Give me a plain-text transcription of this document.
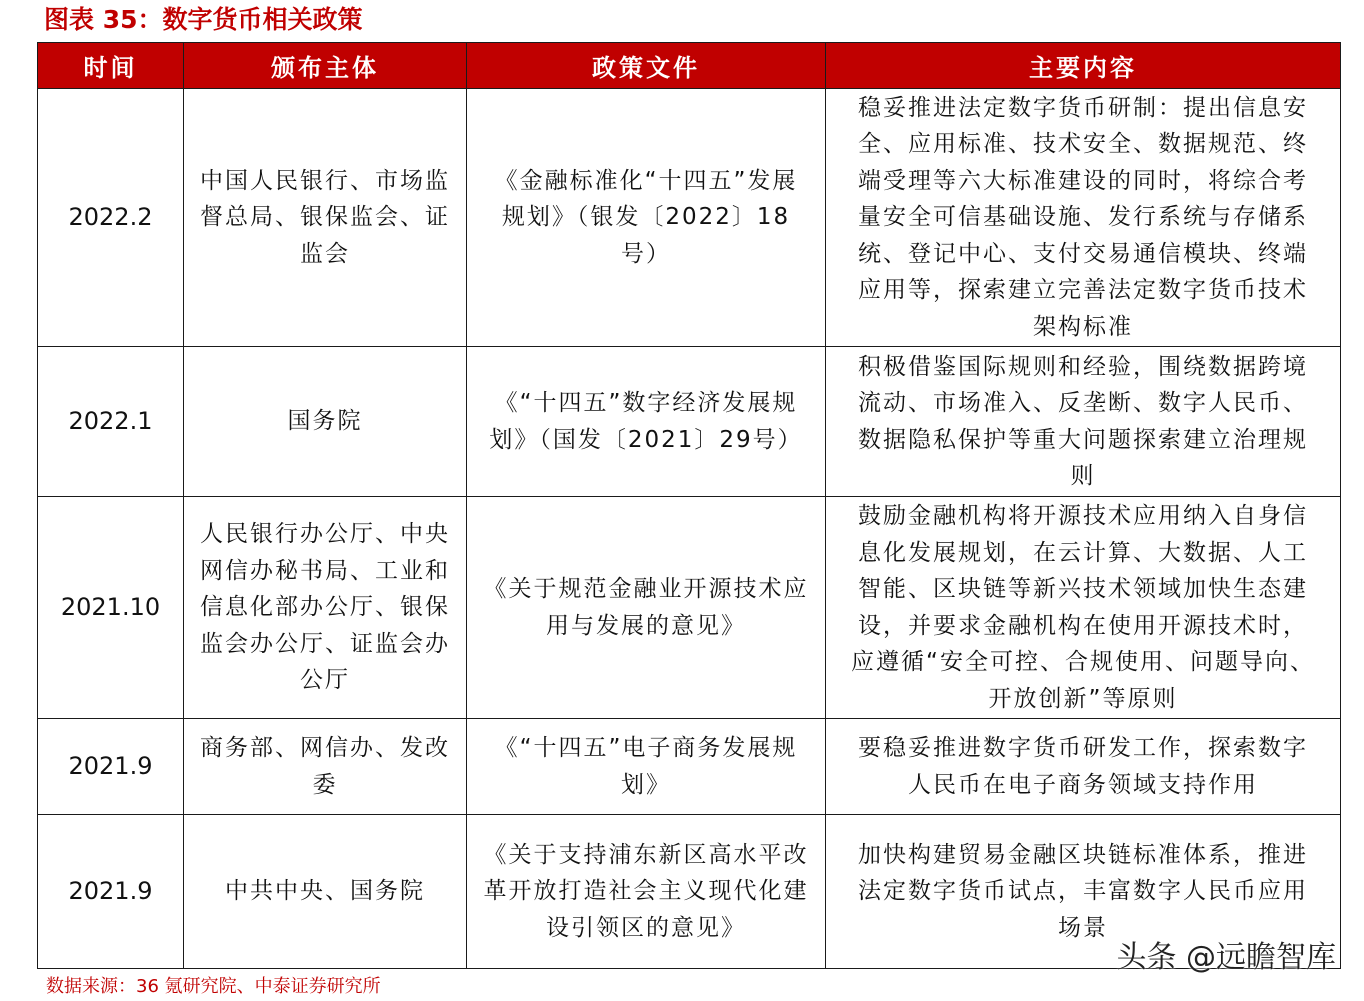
图表 35：数字货币相关政策
时间	颁布主体	政策文件	主要内容
2022.2	中国人民银行、市场监督总局、银保监会、证监会	《金融标准化“十四五”发展规划》（银发〔2022〕18号）	稳妥推进法定数字货币研制：提出信息安全、应用标准、技术安全、数据规范、终端受理等六大标准建设的同时，将综合考量安全可信基础设施、发行系统与存储系统、登记中心、支付交易通信模块、终端应用等，探索建立完善法定数字货币技术架构标准

2022.1	国务院	《“十四五”数字经济发展规划》（国发〔2021〕29号）	积极借鉴国际规则和经验，围绕数据跨境流动、市场准入、反垄断、数字人民币、数据隐私保护等重大问题探索建立治理规则

2021.10	人民银行办公厅、中央网信办秘书局、工业和信息化部办公厅、银保监会办公厅、证监会办公厅	《关于规范金融业开源技术应用与发展的意见》	鼓励金融机构将开源技术应用纳入自身信息化发展规划，在云计算、大数据、人工智能、区块链等新兴技术领域加快生态建设，并要求金融机构在使用开源技术时，应遵循“安全可控、合规使用、问题导向、开放创新”等原则

2021.9	商务部、网信办、发改委	《“十四五”电子商务发展规划》	要稳妥推进数字货币研发工作，探索数字人民币在电子商务领域支持作用

2021.9	中共中央、国务院	《关于支持浦东新区高水平改革开放打造社会主义现代化建设引领区的意见》	加快构建贸易金融区块链标准体系，推进法定数字货币试点，丰富数字人民币应用场景
数据来源：36 氪研究院、中泰证券研究所
头条 @远瞻智库
